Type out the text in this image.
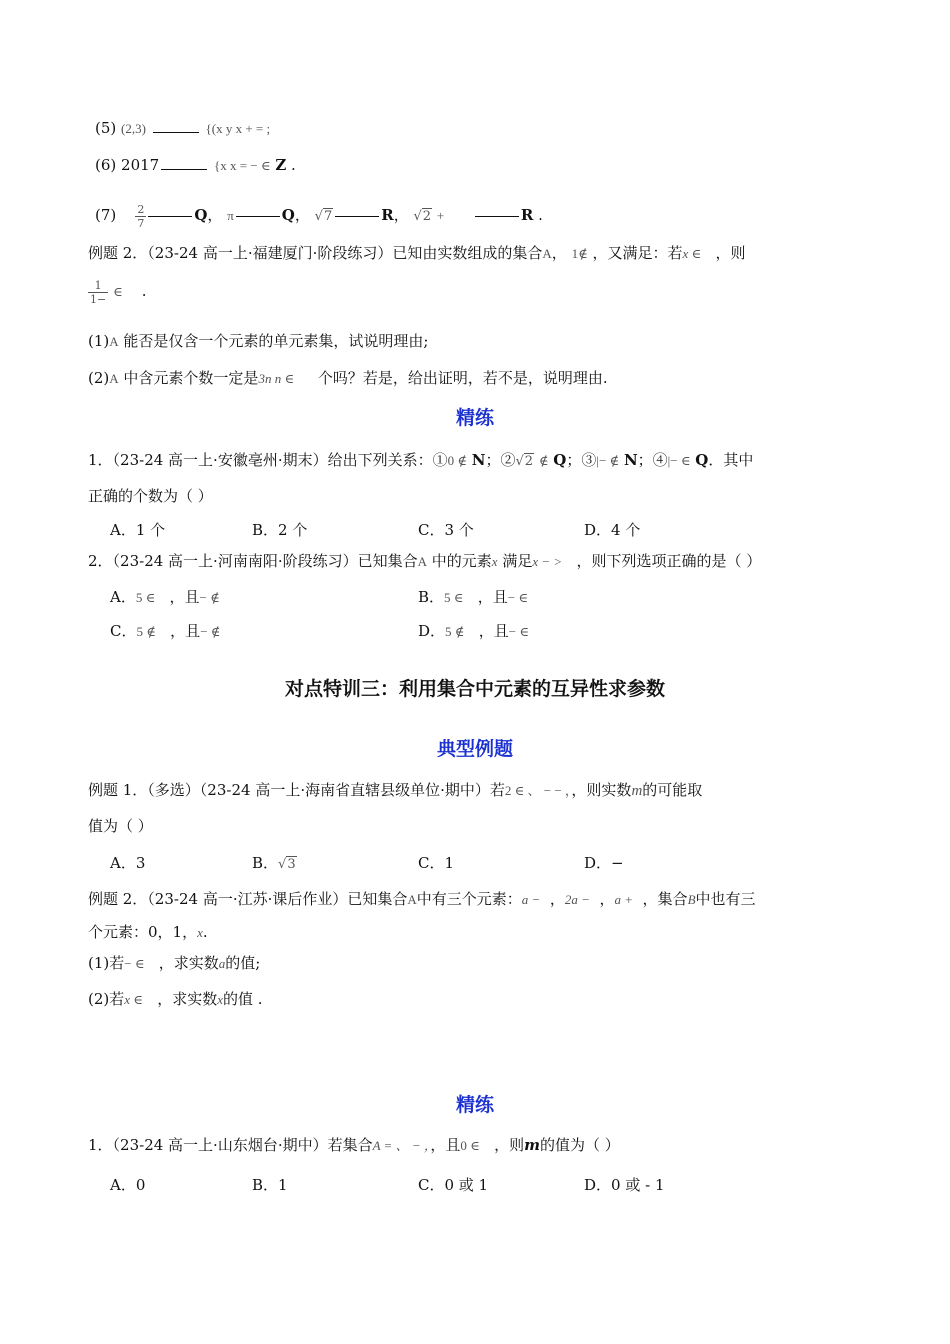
(5) (2,3)	{(x y x + = ;
(6) 2017	{x x = − ∈ Z .
$(7) \frac{2}{7}$	Q， π	Q， √7	R， √2 +	R .
例题 2．（23-24 高一上·福建厦门·阶段练习）已知由实数组成的集合A， 1∉ ，又满足：若x ∈ ，则
$\frac{1}{1-}$ ∈ .
(1)A 能否是仅含一个元素的单元素集，试说明理由;
(2)A 中含元素个数一定是3n n ∈ 个吗？若是，给出证明，若不是，说明理由.
精练
1．（23-24 高一上·安徽亳州·期末）给出下列关系：①0 ∉ N；②√2 ∉ Q；③|− ∉ N；④|− ∈ Q．其中
正确的个数为（ ）
A．1 个	B．2 个	C．3 个	D．4 个
2．（23-24 高一上·河南南阳·阶段练习）已知集合A 中的元素x 满足x − > ，则下列选项正确的是（ ）
A．5 ∈ ，且− ∉	B．5 ∈ ，且− ∈
C．5 ∉ ，且− ∉	D．5 ∉ ，且− ∈
对点特训三：利用集合中元素的互异性求参数
典型例题
例题 1．（多选）（23-24 高一上·海南省直辖县级单位·期中）若2 ∈ 、 − − ，，则实数m的可能取
值为（ ）
A．3	B．√3	C．1	D．−
例题 2．（23-24 高一·江苏·课后作业）已知集合A中有三个元素：a − ，2a − ，a + ，集合B中也有三
个元素：0，1，x.
(1)若− ∈ ，求实数a的值;
(2)若x ∈ ，求实数x的值 .
精练
1．（23-24 高一上·山东烟台·期中）若集合A = 、 − ，，且0 ∈ ，则m的值为（ ）
A．0	B．1	C．0 或 1	D．0 或 - 1
